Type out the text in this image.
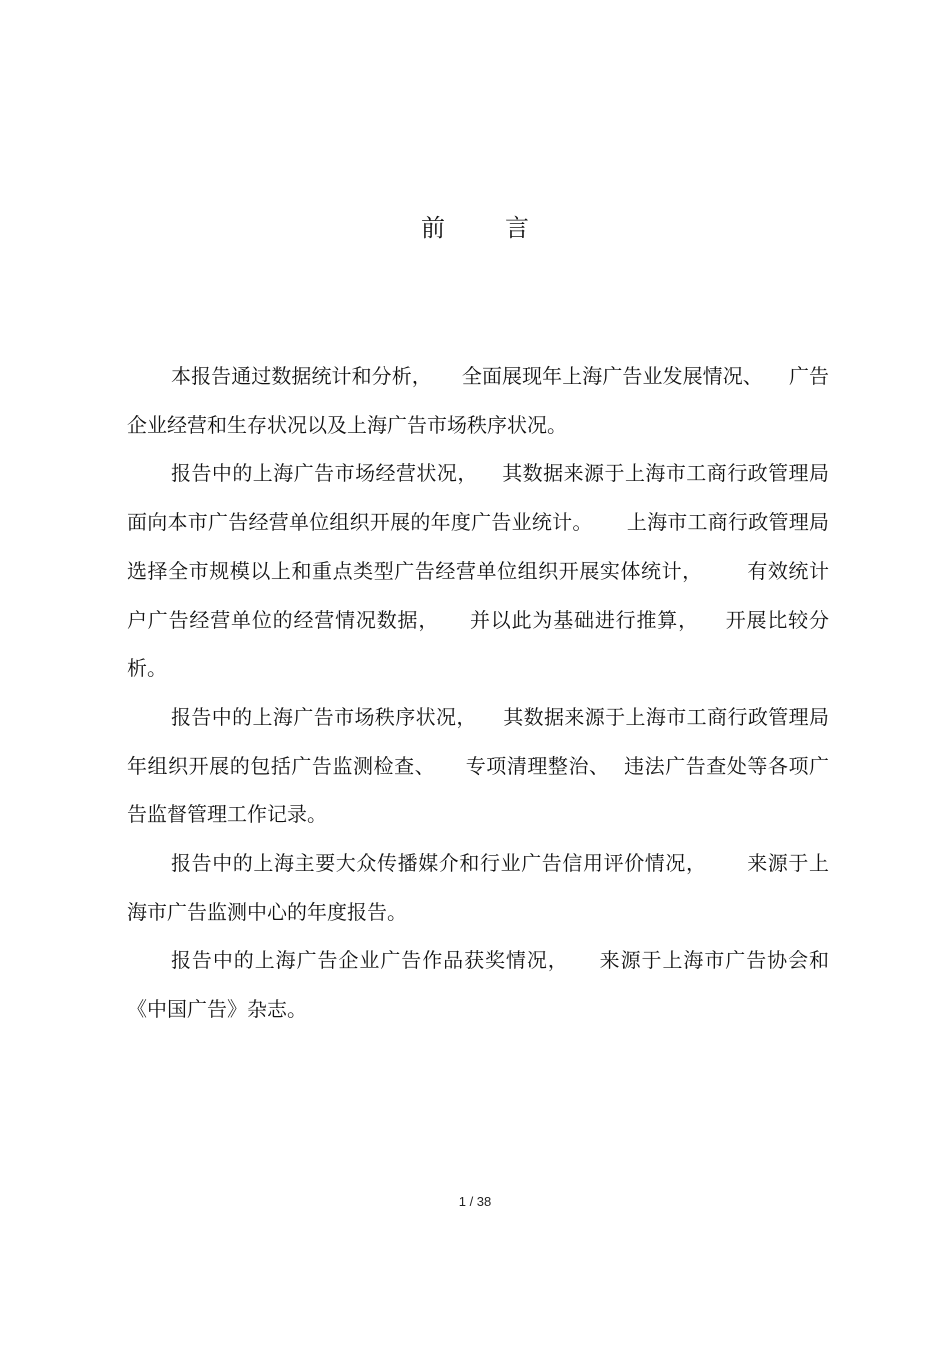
前	言

本报告通过数据统计和分析， 全面展现年上海广告业发展情况、 广告企业经营和生存状况以及上海广告市场秩序状况。

报告中的上海广告市场经营状况， 其数据来源于上海市工商行政管理局面向本市广告经营单位组织开展的年度广告业统计。 上海市工商行政管理局选择全市规模以上和重点类型广告经营单位组织开展实体统计， 有效统计户广告经营单位的经营情况数据， 并以此为基础进行推算， 开展比较分析。

报告中的上海广告市场秩序状况， 其数据来源于上海市工商行政管理局年组织开展的包括广告监测检查、 专项清理整治、 违法广告查处等各项广告监督管理工作记录。

报告中的上海主要大众传播媒介和行业广告信用评价情况， 来源于上海市广告监测中心的年度报告。

报告中的上海广告企业广告作品获奖情况， 来源于上海市广告协会和《中国广告》杂志。

1 / 38
